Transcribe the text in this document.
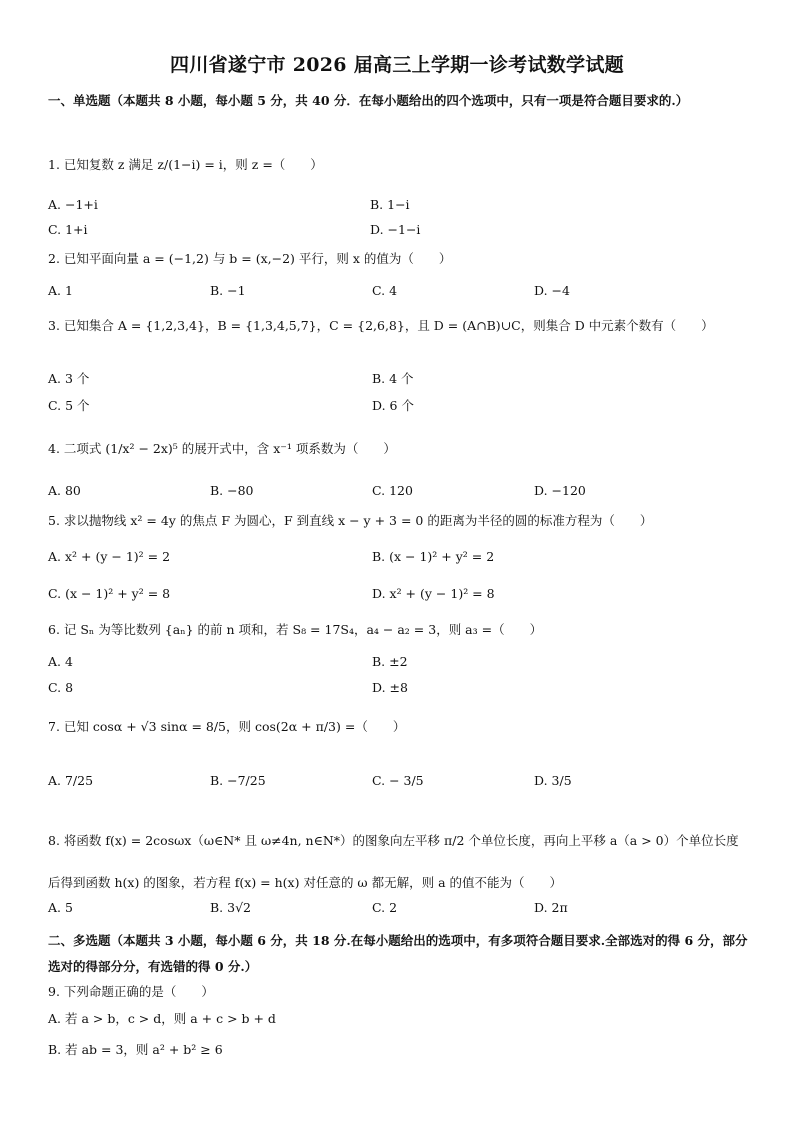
四川省遂宁市 2026 届高三上学期一诊考试数学试题
一、单选题（本题共 8 小题，每小题 5 分，共 40 分．在每小题给出的四个选项中，只有一项是符合题目要求的.）
1. 已知复数 z 满足 z/(1−i) = i，则 z =（　　）
A. −1+i	B. 1−i
C. 1+i	D. −1−i
2. 已知平面向量 a = (−1,2) 与 b = (x,−2) 平行，则 x 的值为（　　）
A. 1	B. −1	C. 4	D. −4
3. 已知集合 A = {1,2,3,4}，B = {1,3,4,5,7}，C = {2,6,8}，且 D = (A∩B)∪C，则集合 D 中元素个数有（　　）
A. 3 个	B. 4 个
C. 5 个	D. 6 个
4. 二项式 (1/x² − 2x)⁵ 的展开式中，含 x⁻¹ 项系数为（　　）
A. 80	B. −80	C. 120	D. −120
5. 求以抛物线 x² = 4y 的焦点 F 为圆心，F 到直线 x − y + 3 = 0 的距离为半径的圆的标准方程为（　　）
A. x² + (y − 1)² = 2	B. (x − 1)² + y² = 2
C. (x − 1)² + y² = 8	D. x² + (y − 1)² = 8
6. 记 Sₙ 为等比数列 {aₙ} 的前 n 项和，若 S₈ = 17S₄，a₄ − a₂ = 3，则 a₃ =（　　）
A. 4	B. ±2
C. 8	D. ±8
7. 已知 cosα + √3 sinα = 8/5，则 cos(2α + π/3) =（　　）
A. 7/25	B. −7/25	C. − 3/5	D. 3/5
8. 将函数 f(x) = 2cosωx（ω∈N* 且 ω≠4n, n∈N*）的图象向左平移 π/2 个单位长度，再向上平移 a（a > 0）个单位长度后得到函数 h(x) 的图象，若方程 f(x) = h(x) 对任意的 ω 都无解，则 a 的值不能为（　　）
A. 5	B. 3√2	C. 2	D. 2π
二、多选题（本题共 3 小题，每小题 6 分，共 18 分.在每小题给出的选项中，有多项符合题目要求.全部选对的得 6 分，部分选对的得部分分，有选错的得 0 分.）
9. 下列命题正确的是（　　）
A. 若 a > b，c > d，则 a + c > b + d
B. 若 ab = 3，则 a² + b² ≥ 6
